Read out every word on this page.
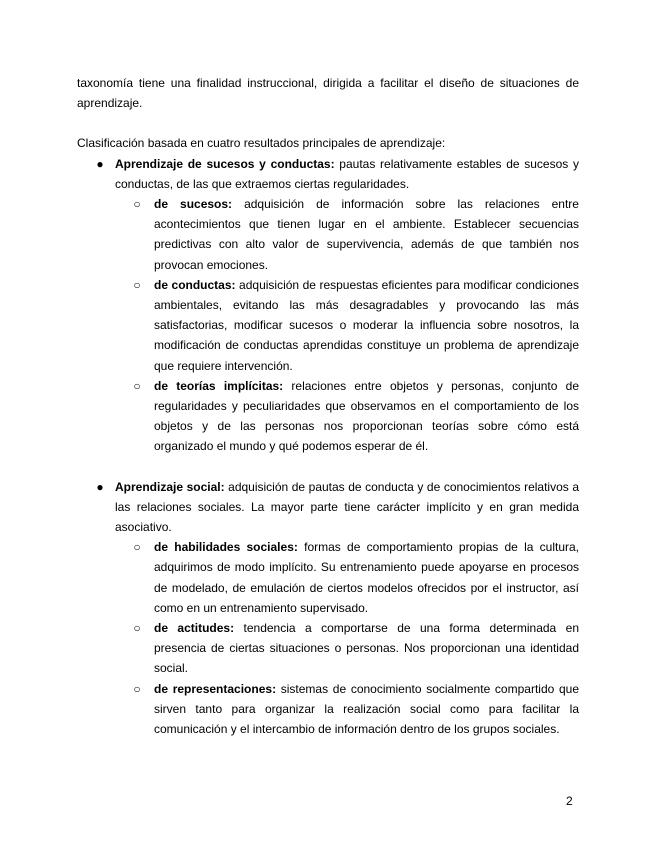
taxonomía tiene una finalidad instruccional, dirigida a facilitar el diseño de situaciones de aprendizaje.

Clasificación basada en cuatro resultados principales de aprendizaje:

● Aprendizaje de sucesos y conductas: pautas relativamente estables de sucesos y conductas, de las que extraemos ciertas regularidades.

○ de sucesos: adquisición de información sobre las relaciones entre acontecimientos que tienen lugar en el ambiente. Establecer secuencias predictivas con alto valor de supervivencia, además de que también nos provocan emociones.

○ de conductas: adquisición de respuestas eficientes para modificar condiciones ambientales, evitando las más desagradables y provocando las más satisfactorias, modificar sucesos o moderar la influencia sobre nosotros, la modificación de conductas aprendidas constituye un problema de aprendizaje que requiere intervención.

○ de teorías implícitas: relaciones entre objetos y personas, conjunto de regularidades y peculiaridades que observamos en el comportamiento de los objetos y de las personas nos proporcionan teorías sobre cómo está organizado el mundo y qué podemos esperar de él.

● Aprendizaje social: adquisición de pautas de conducta y de conocimientos relativos a las relaciones sociales. La mayor parte tiene carácter implícito y en gran medida asociativo.

○ de habilidades sociales: formas de comportamiento propias de la cultura, adquirimos de modo implícito. Su entrenamiento puede apoyarse en procesos de modelado, de emulación de ciertos modelos ofrecidos por el instructor, así como en un entrenamiento supervisado.

○ de actitudes: tendencia a comportarse de una forma determinada en presencia de ciertas situaciones o personas. Nos proporcionan una identidad social.

○ de representaciones: sistemas de conocimiento socialmente compartido que sirven tanto para organizar la realización social como para facilitar la comunicación y el intercambio de información dentro de los grupos sociales.

2
